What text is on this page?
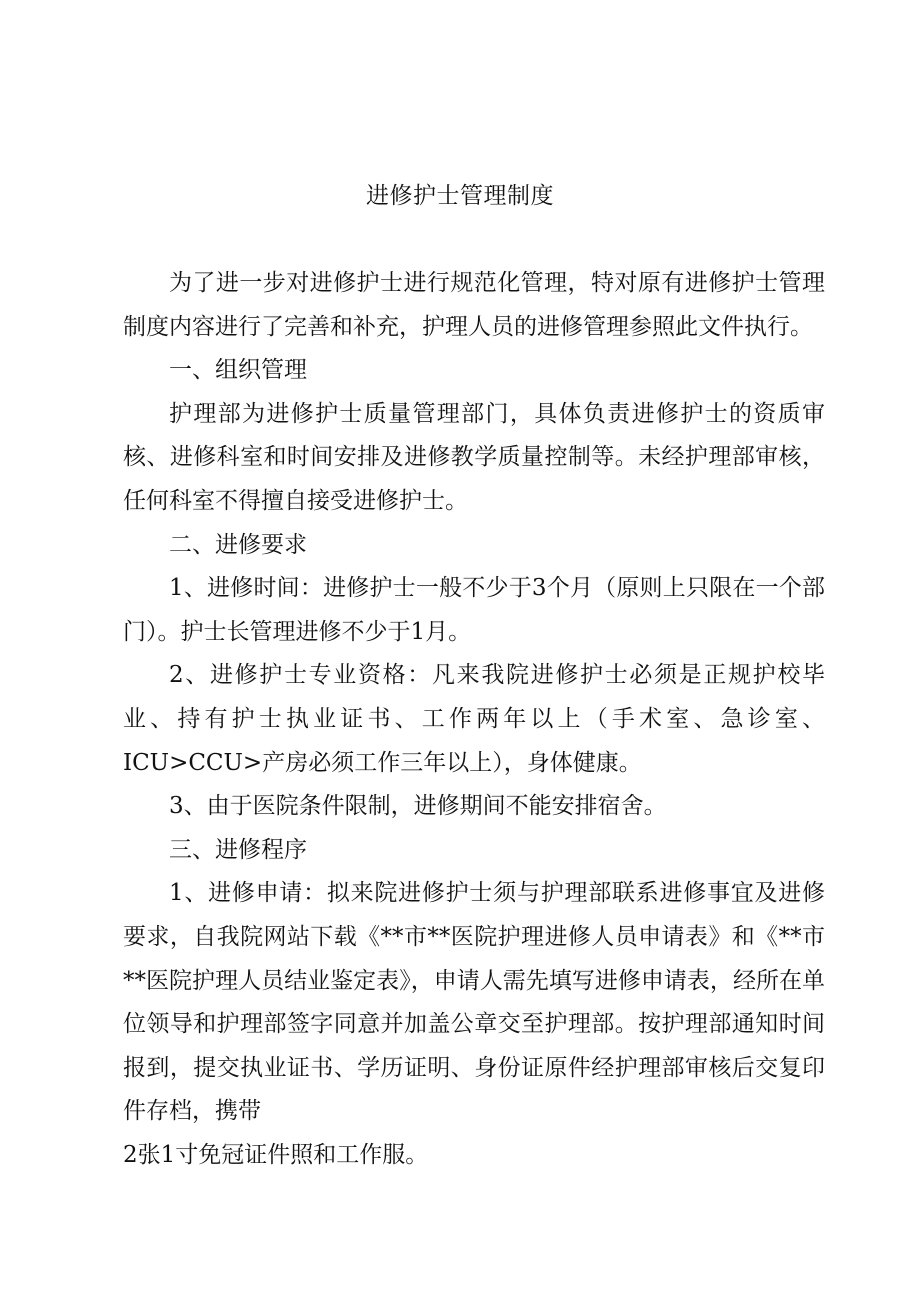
进修护士管理制度

为了进一步对进修护士进行规范化管理，特对原有进修护士管理制度内容进行了完善和补充，护理人员的进修管理参照此文件执行。

一、组织管理

护理部为进修护士质量管理部门，具体负责进修护士的资质审核、进修科室和时间安排及进修教学质量控制等。未经护理部审核，任何科室不得擅自接受进修护士。

二、进修要求

1、进修时间：进修护士一般不少于3个月（原则上只限在一个部门）。护士长管理进修不少于1月。

2、进修护士专业资格：凡来我院进修护士必须是正规护校毕业、持有护士执业证书、工作两年以上（手术室、急诊室、ICU>CCU>产房必须工作三年以上），身体健康。

3、由于医院条件限制，进修期间不能安排宿舍。

三、进修程序

1、进修申请：拟来院进修护士须与护理部联系进修事宜及进修要求，自我院网站下载《**市**医院护理进修人员申请表》和《**市**医院护理人员结业鉴定表》，申请人需先填写进修申请表，经所在单位领导和护理部签字同意并加盖公章交至护理部。按护理部通知时间报到，提交执业证书、学历证明、身份证原件经护理部审核后交复印件存档，携带

2张1寸免冠证件照和工作服。
